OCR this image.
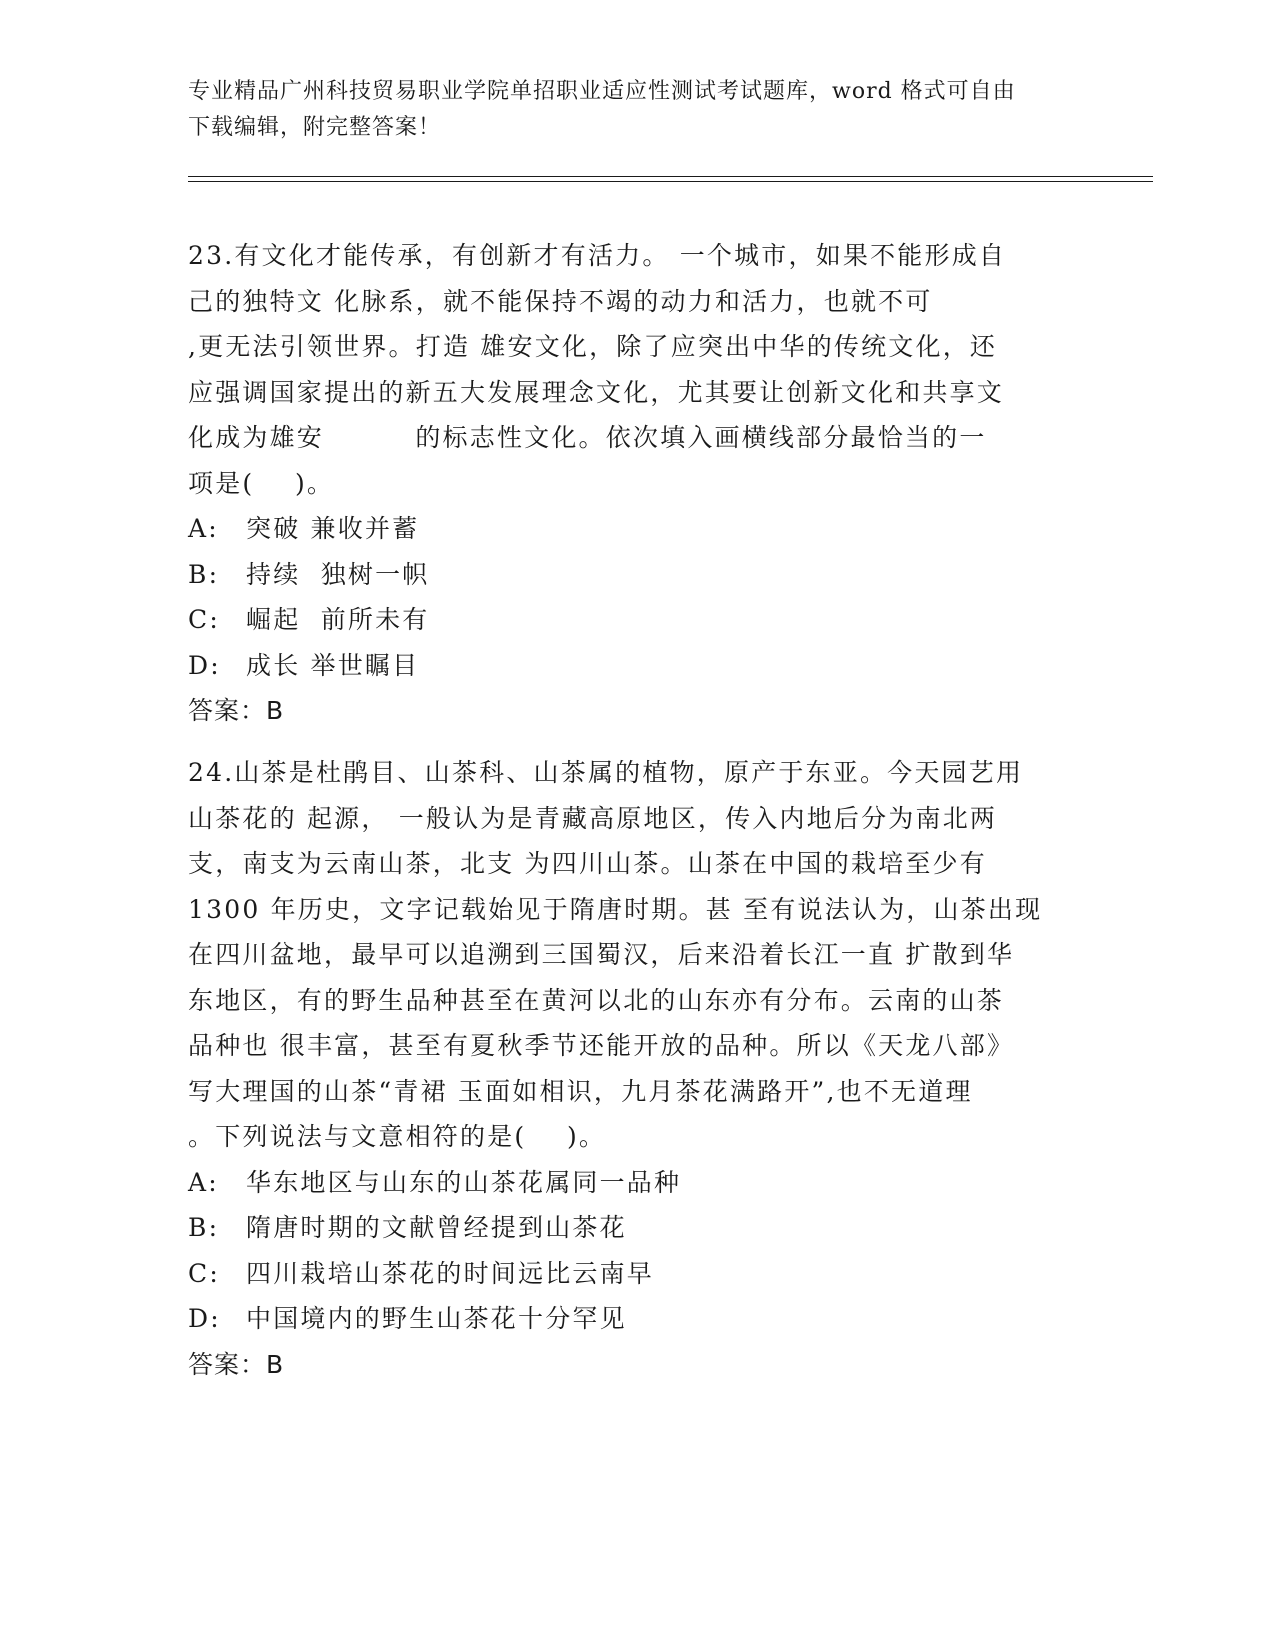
专业精品广州科技贸易职业学院单招职业适应性测试考试题库，word 格式可自由
下载编辑，附完整答案！
23.有文化才能传承，有创新才有活力。 一个城市，如果不能形成自
己的独特文 化脉系，就不能保持不竭的动力和活力，也就不可
,更无法引领世界。打造 雄安文化，除了应突出中华的传统文化，还
应强调国家提出的新五大发展理念文化，尤其要让创新文化和共享文
化成为雄安         的标志性文化。依次填入画横线部分最恰当的一
项是(    )。
A: 突破 兼收并蓄
B: 持续  独树一帜
C: 崛起  前所未有
D: 成长 举世瞩目
答案：B
24.山茶是杜鹃目、山茶科、山茶属的植物，原产于东亚。今天园艺用
山茶花的 起源， 一般认为是青藏高原地区，传入内地后分为南北两
支，南支为云南山茶，北支 为四川山茶。山茶在中国的栽培至少有
1300 年历史，文字记载始见于隋唐时期。甚 至有说法认为，山茶出现
在四川盆地，最早可以追溯到三国蜀汉，后来沿着长江一直 扩散到华
东地区，有的野生品种甚至在黄河以北的山东亦有分布。云南的山茶
品种也 很丰富，甚至有夏秋季节还能开放的品种。所以《天龙八部》
写大理国的山茶“青裙 玉面如相识，九月茶花满路开”,也不无道理
。下列说法与文意相符的是(    )。
A: 华东地区与山东的山茶花属同一品种
B: 隋唐时期的文献曾经提到山茶花
C: 四川栽培山茶花的时间远比云南早
D: 中国境内的野生山茶花十分罕见
答案：B
